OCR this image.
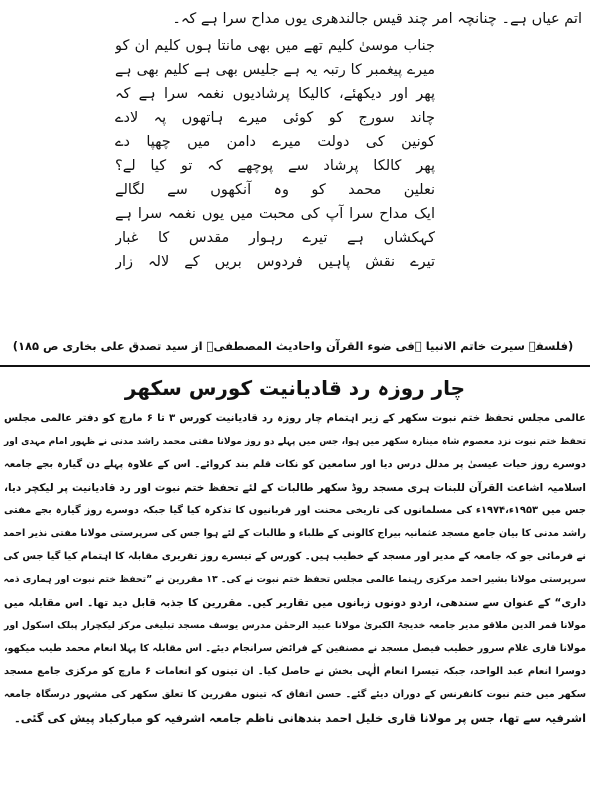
اتم عیاں ہے۔ چنانچہ امر چند قیس جالندھری یوں مداح سرا ہے کہ۔
جناب موسیٰ کلیم تھے میں بھی مانتا ہوں کلیم ان کو
میرے پیغمبر کا رتبہ یہ ہے جلیس بھی ہے کلیم بھی ہے
پھر اور دیکھئے، کالیکا پرشادیوں نغمہ سرا ہے کہ
چاند سورج کو کوئی میرے ہاتھوں پہ لادے
کونین کی دولت میرے دامن میں چھپا دے
پھر کالکا پرشاد سے پوچھے کہ تو کیا لے؟
نعلین محمد کو وہ آنکھوں سے لگالے
ایک مداح سرا آپ کی محبت میں یوں نغمہ سرا ہے
کہکشاں ہے تیرے رہوار مقدس کا غبار
تیرے نقش پاہیں فردوس بریں کے لالہ زار
(فلسفہ سیرت خاتم الانبیا ؐفی ضوء القرآن واحادیث المصطفیؐ از سید تصدق علی بخاری ص ۱۸۵)
چار روزہ رد قادیانیت کورس سکھر
عالمی مجلس تحفظ ختم نبوت سکھر کے زیر اہتمام چار روزہ رد قادیانیت کورس ۳ تا ۶ مارچ کو دفتر عالمی مجلس
تحفظ ختم نبوت نزد معصوم شاہ مینارہ سکھر میں ہوا، جس میں پہلے دو روز مولانا مفتی محمد راشد مدنی نے ظہور امام مہدی اور
دوسرے روز حیات عیسیٰ پر مدلل درس دیا اور سامعین کو نکات قلم بند کروائے۔ اس کے علاوہ پہلے دن گیارہ بجے جامعہ
اسلامیہ اشاعت القرآن للبنات ہری مسجد روڈ سکھر طالبات کے لئے تحفظ ختم نبوت اور رد قادیانیت پر لیکچر دیا،
جس میں ۱۹۵۳ء،۱۹۷۴ء کی مسلمانوں کی تاریخی محنت اور قربانیوں کا تذکرہ کیا گیا جبکہ دوسرے روز گیارہ بجے مفتی
راشد مدنی کا بیان جامع مسجد عثمانیہ بیراج کالونی کے طلباء و طالبات کے لئے ہوا جس کی سرپرستی مولانا مفتی نذیر احمد
نے فرمائی جو کہ جامعہ کے مدیر اور مسجد کے خطیب ہیں۔ کورس کے تیسرے روز تقریری مقابلہ کا اہتمام کیا گیا جس کی
سرپرستی مولانا بشیر احمد مرکزی رہنما عالمی مجلس تحفظ ختم نبوت نے کی۔ ۱۳ مقررین نے ”تحفظ ختم نبوت اور ہماری ذمہ
داری“ کے عنوان سے سندھی، اردو دونوں زبانوں میں تقاریر کیں۔ مقررین کا جذبہ قابل دید تھا۔ اس مقابلہ میں
مولانا قمر الدین ملاقو مدیر جامعہ خدیجۃ الکبریٰ مولانا عبید الرحمٰن مدرس یوسف مسجد تبلیغی مرکز لیکچرار پبلک اسکول اور
مولانا قاری غلام سرور خطیب فیصل مسجد نے مصنفین کے فرائض سرانجام دیئے۔ اس مقابلہ کا پہلا انعام محمد طیب میکھو،
دوسرا انعام عبد الواحد، جبکہ تیسرا انعام الٰہی بخش نے حاصل کیا۔ ان تینوں کو انعامات ۶ مارچ کو مرکزی جامع مسجد
سکھر میں ختم نبوت کانفرنس کے دوران دیئے گئے۔ حسن اتفاق کہ تینوں مقررین کا تعلق سکھر کی مشہور درسگاہ جامعہ
اشرفیہ سے تھا، جس پر مولانا قاری خلیل احمد بندھانی ناظم جامعہ اشرفیہ کو مبارکباد پیش کی گئی۔
